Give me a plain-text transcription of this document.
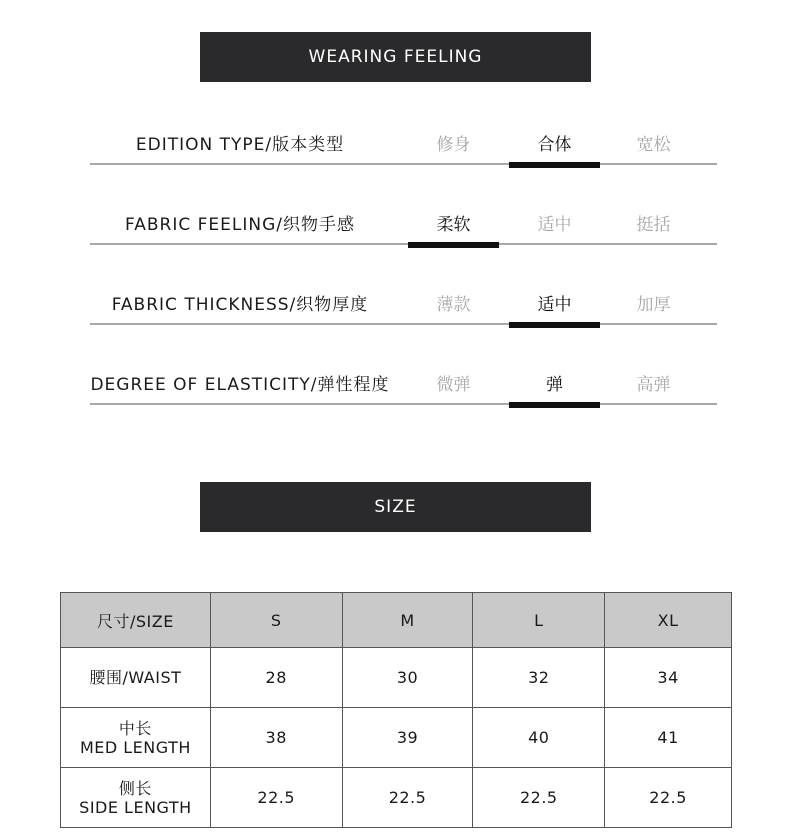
WEARING FEELING
EDITION TYPE/版本类型	修身	合体	宽松
FABRIC FEELING/织物手感	柔软	适中	挺括
FABRIC THICKNESS/织物厚度	薄款	适中	加厚
DEGREE OF ELASTICITY/弹性程度	微弹	弹	高弹
SIZE
尺寸/SIZE	S	M	L	XL

腰围/WAIST	28	30	32	34

中长
MED LENGTH	38	39	40	41

侧长
SIDE LENGTH	22.5	22.5	22.5	22.5
